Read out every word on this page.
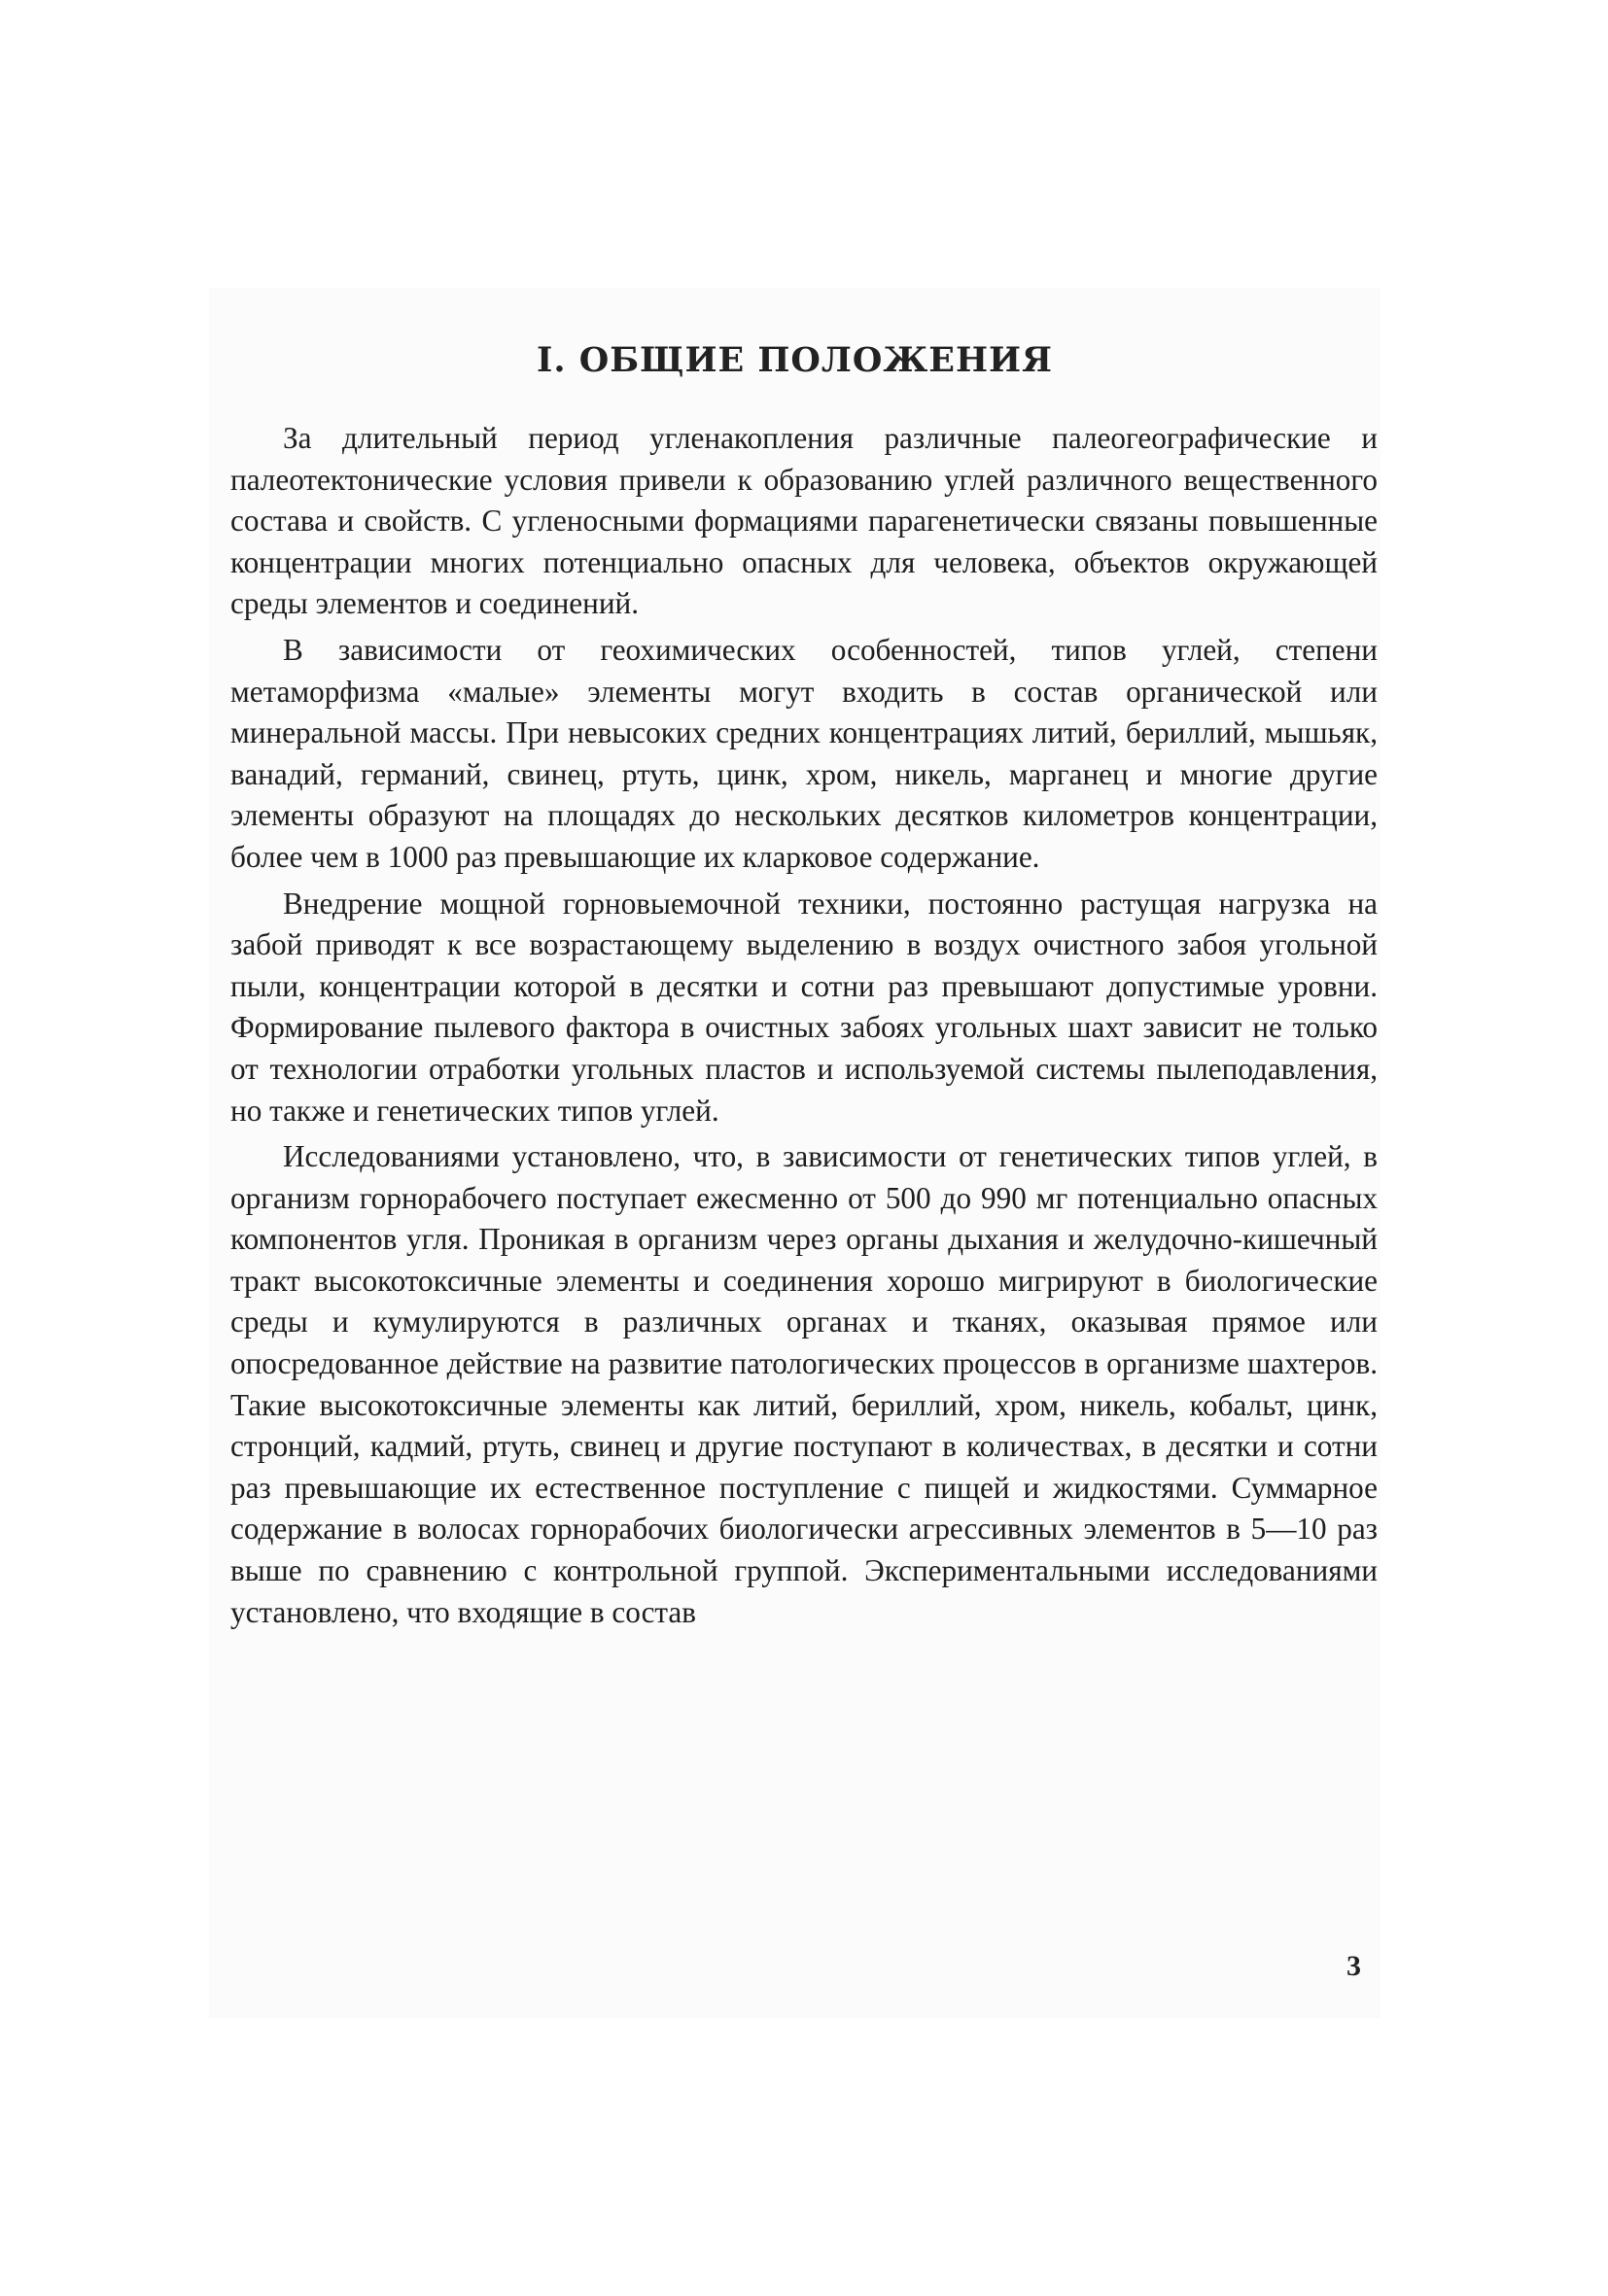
I. ОБЩИЕ ПОЛОЖЕНИЯ

За длительный период угленакопления различные палеогеографические и палеотектонические условия привели к образованию углей различного вещественного состава и свойств. С угленосными формациями парагенетически связаны повышенные концентрации многих потенциально опасных для человека, объектов окружающей среды элементов и соединений.

В зависимости от геохимических особенностей, типов углей, степени метаморфизма «малые» элементы могут входить в состав органической или минеральной массы. При невысоких средних концентрациях литий, бериллий, мышьяк, ванадий, германий, свинец, ртуть, цинк, хром, никель, марганец и многие другие элементы образуют на площадях до нескольких десятков километров концентрации, более чем в 1000 раз превышающие их кларковое содержание.

Внедрение мощной горновыемочной техники, постоянно растущая нагрузка на забой приводят к все возрастающему выделению в воздух очистного забоя угольной пыли, концентрации которой в десятки и сотни раз превышают допустимые уровни. Формирование пылевого фактора в очистных забоях угольных шахт зависит не только от технологии отработки угольных пластов и используемой системы пылеподавления, но также и генетических типов углей.

Исследованиями установлено, что, в зависимости от генетических типов углей, в организм горнорабочего поступает ежесменно от 500 до 990 мг потенциально опасных компонентов угля. Проникая в организм через органы дыхания и желудочно-кишечный тракт высокотоксичные элементы и соединения хорошо мигрируют в биологические среды и кумулируются в различных органах и тканях, оказывая прямое или опосредованное действие на развитие патологических процессов в организме шахтеров. Такие высокотоксичные элементы как литий, бериллий, хром, никель, кобальт, цинк, стронций, кадмий, ртуть, свинец и другие поступают в количествах, в десятки и сотни раз превышающие их естественное поступление с пищей и жидкостями. Суммарное содержание в волосах горнорабочих биологически агрессивных элементов в 5—10 раз выше по сравнению с контрольной группой. Экспериментальными исследованиями установлено, что входящие в состав

3
